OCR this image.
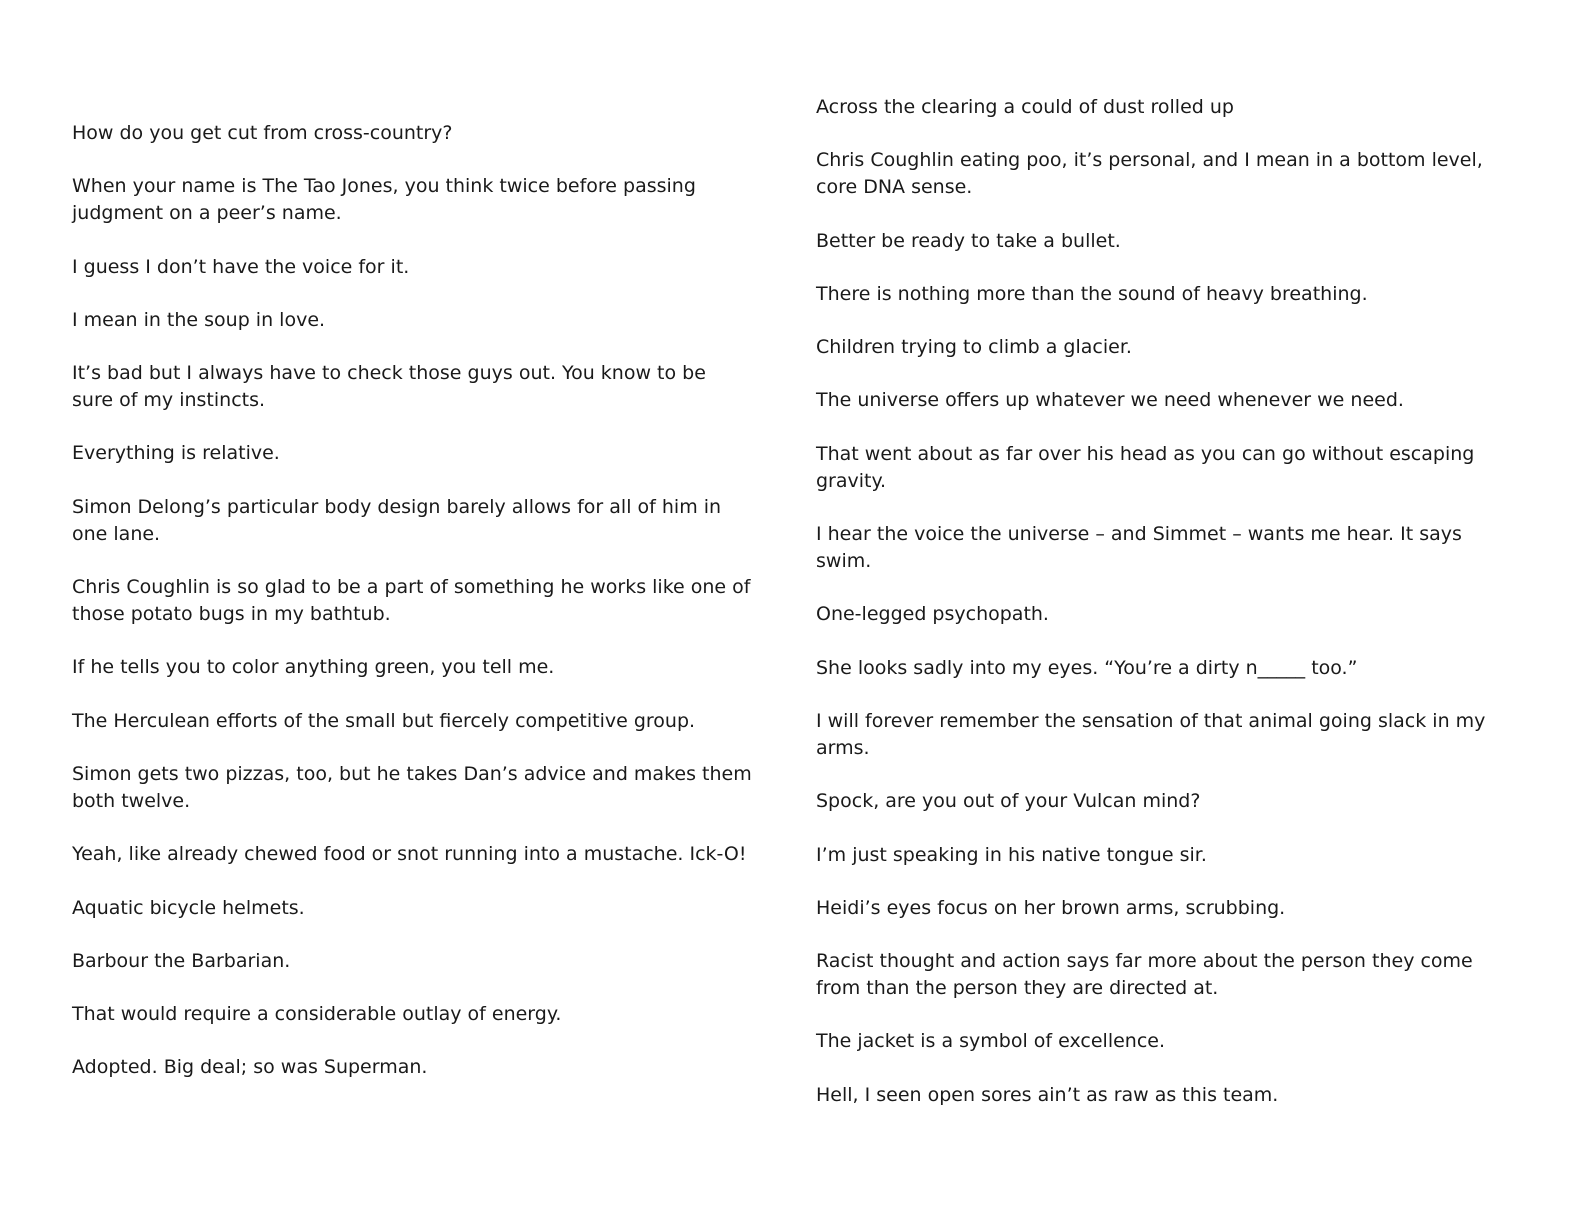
How do you get cut from cross-country?
When your name is The Tao Jones, you think twice before passing judgment on a peer’s name.
I guess I don’t have the voice for it.
I mean in the soup in love.
It’s bad but I always have to check those guys out. You know to be sure of my instincts.
Everything is relative.
Simon Delong’s particular body design barely allows for all of him in one lane.
Chris Coughlin is so glad to be a part of something he works like one of those potato bugs in my bathtub.
If he tells you to color anything green, you tell me.
The Herculean efforts of the small but fiercely competitive group.
Simon gets two pizzas, too, but he takes Dan’s advice and makes them both twelve.
Yeah, like already chewed food or snot running into a mustache. Ick-O!
Aquatic bicycle helmets.
Barbour the Barbarian.
That would require a considerable outlay of energy.
Adopted. Big deal; so was Superman.
Across the clearing a could of dust rolled up
Chris Coughlin eating poo, it’s personal, and I mean in a bottom level, core DNA sense.
Better be ready to take a bullet.
There is nothing more than the sound of heavy breathing.
Children trying to climb a glacier.
The universe offers up whatever we need whenever we need.
That went about as far over his head as you can go without escaping gravity.
I hear the voice the universe – and Simmet – wants me hear. It says swim.
One-legged psychopath.
She looks sadly into my eyes. “You’re a dirty n_____ too.”
I will forever remember the sensation of that animal going slack in my arms.
Spock, are you out of your Vulcan mind?
I’m just speaking in his native tongue sir.
Heidi’s eyes focus on her brown arms, scrubbing.
Racist thought and action says far more about the person they come from than the person they are directed at.
The jacket is a symbol of excellence.
Hell, I seen open sores ain’t as raw as this team.
